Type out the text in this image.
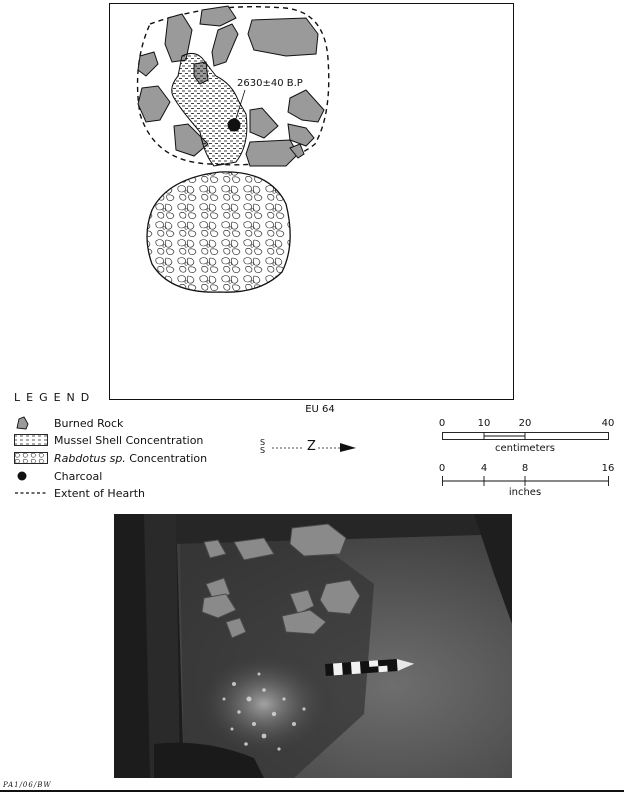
2630±40 B.P
EU 64
LEGEND
Burned Rock
Mussel Shell Concentration
Rabdotus sp. Concentration
Charcoal
Extent of Hearth
S
S	Z
0	10	20	40
centimeters
0	4	8	16
inches
PA1/06/BW
